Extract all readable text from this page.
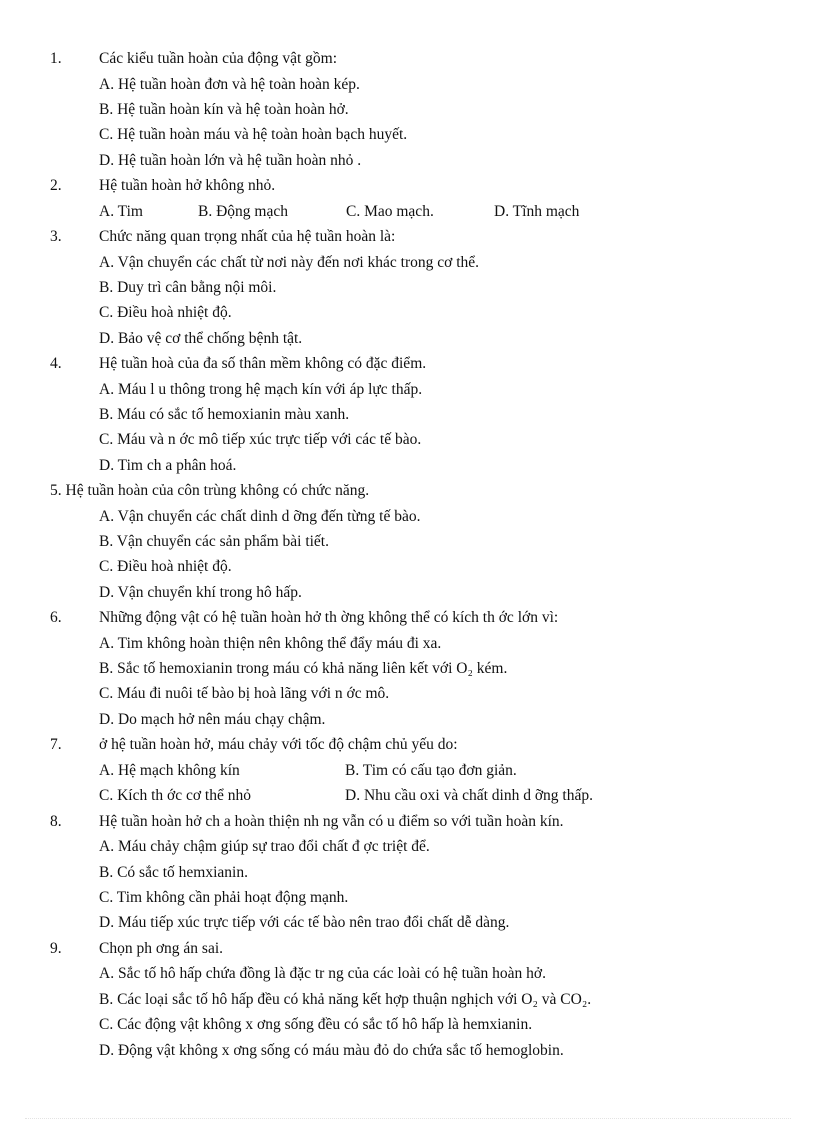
1. Các kiểu tuần hoàn của động vật gồm:
A. Hệ tuần hoàn đơn và hệ toàn hoàn kép.
B. Hệ tuần hoàn kín và hệ toàn hoàn hở.
C. Hệ tuần hoàn máu và hệ toàn hoàn bạch huyết.
D. Hệ tuần hoàn lớn và hệ tuần hoàn nhỏ .
2. Hệ tuần hoàn hở không nhỏ.
A. Tim	B. Động mạch	C. Mao mạch.	D. Tĩnh mạch
3. Chức năng quan trọng nhất của hệ tuần hoàn là:
A. Vận chuyển các chất từ nơi này đến nơi khác trong cơ thể.
B. Duy trì cân bằng nội môi.
C. Điều hoà nhiệt độ.
D. Bảo vệ cơ thể chống bệnh tật.
4. Hệ tuần hoà của đa số thân mềm không có đặc điểm.
A. Máu l u thông trong hệ mạch kín với áp lực thấp.
B. Máu có sắc tố hemoxianin màu xanh.
C. Máu và n ớc mô tiếp xúc trực tiếp với các tế bào.
D. Tim ch a phân hoá.
5. Hệ tuần hoàn của côn trùng không có chức năng.
A. Vận chuyển các chất dinh d ỡng đến từng tế bào.
B. Vận chuyển các sản phẩm bài tiết.
C. Điều hoà nhiệt độ.
D. Vận chuyển khí trong hô hấp.
6. Những động vật có hệ tuần hoàn hở th ờng không thể có kích th ớc lớn vì:
A. Tim không hoàn thiện nên không thể đẩy máu đi xa.
B. Sắc tố hemoxianin trong máu có khả năng liên kết với O₂ kém.
C. Máu đi nuôi tế bào bị hoà lãng với n ớc mô.
D. Do mạch hở nên máu chạy chậm.
7. ở hệ tuần hoàn hở, máu chảy với tốc độ chậm chủ yếu do:
A. Hệ mạch không kín	B. Tim có cấu tạo đơn giản.
C. Kích th ớc cơ thể nhỏ	D. Nhu cầu oxi và chất dinh d ỡng thấp.
8. Hệ tuần hoàn hở ch a hoàn thiện nh ng vẫn có u điểm so với tuần hoàn kín.
A. Máu chảy chậm giúp sự trao đổi chất đ ợc triệt để.
B. Có sắc tố hemxianin.
C. Tim không cần phải hoạt động mạnh.
D. Máu tiếp xúc trực tiếp với các tế bào nên trao đổi chất dễ dàng.
9. Chọn ph ơng án sai.
A. Sắc tố hô hấp chứa đồng là đặc tr ng của các loài có hệ tuần hoàn hở.
B. Các loại sắc tố hô hấp đều có khả năng kết hợp thuận nghịch với O₂ và CO₂.
C. Các động vật không x ơng sống đều có sắc tố hô hấp là hemxianin.
D. Động vật không x ơng sống có máu màu đỏ do chứa sắc tố hemoglobin.
